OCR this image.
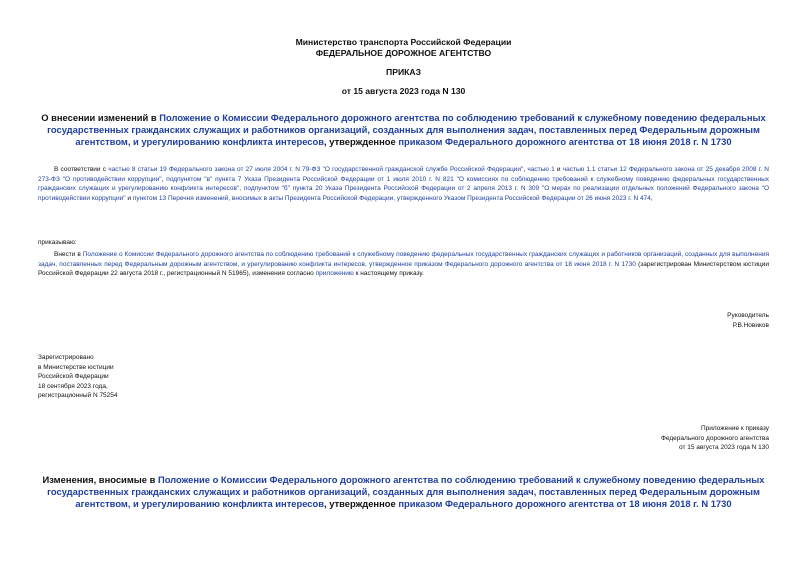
Министерство транспорта Российской Федерации
ФЕДЕРАЛЬНОЕ ДОРОЖНОЕ АГЕНТСТВО
ПРИКАЗ
от 15 августа 2023 года N 130
О внесении изменений в Положение о Комиссии Федерального дорожного агентства по соблюдению требований к служебному поведению федеральных государственных гражданских служащих и работников организаций, созданных для выполнения задач, поставленных перед Федеральным дорожным агентством, и урегулированию конфликта интересов, утвержденное приказом Федерального дорожного агентства от 18 июня 2018 г. N 1730
В соответствии с частью 8 статьи 19 Федерального закона от 27 июля 2004 г. N 79-ФЗ "О государственной гражданской службе Российской Федерации", частью 1 и частью 1.1 статьи 12 Федерального закона от 25 декабря 2008 г. N 273-ФЗ "О противодействии коррупции", подпунктом "в" пункта 7 Указа Президента Российской Федерации от 1 июля 2010 г. N 821 "О комиссиях по соблюдению требований к служебному поведению федеральных государственных гражданских служащих и урегулированию конфликта интересов", подпунктом "б" пункта 20 Указа Президента Российской Федерации от 2 апреля 2013 г. N 309 "О мерах по реализации отдельных положений Федерального закона "О противодействии коррупции" и пунктом 13 Перечня изменений, вносимых в акты Президента Российской Федерации, утвержденного Указом Президента Российской Федерации от 26 июня 2023 г. N 474,
приказываю:
Внести в Положение о Комиссии Федерального дорожного агентства по соблюдению требований к служебному поведению федеральных государственных гражданских служащих и работников организаций, созданных для выполнения задач, поставленных перед Федеральным дорожным агентством, и урегулированию конфликта интересов, утвержденное приказом Федерального дорожного агентства от 18 июня 2018 г. N 1730 (зарегистрирован Министерством юстиции Российской Федерации 22 августа 2018 г., регистрационный N 51965), изменения согласно приложению к настоящему приказу.
Руководитель
Р.В.Новиков
Зарегистрировано
в Министерстве юстиции
Российской Федерации
18 сентября 2023 года,
регистрационный N 75254
Приложение к приказу
Федерального дорожного агентства
от 15 августа 2023 года N 130
Изменения, вносимые в Положение о Комиссии Федерального дорожного агентства по соблюдению требований к служебному поведению федеральных государственных гражданских служащих и работников организаций, созданных для выполнения задач, поставленных перед Федеральным дорожным агентством, и урегулированию конфликта интересов, утвержденное приказом Федерального дорожного агентства от 18 июня 2018 г. N 1730
